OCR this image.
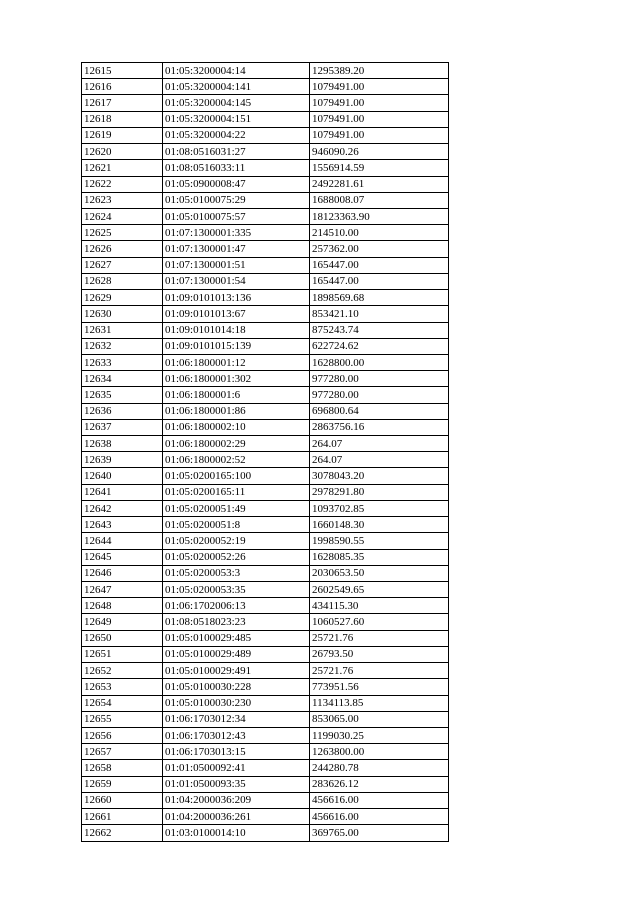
12615	01:05:3200004:14	1295389.20
12616	01:05:3200004:141	1079491.00
12617	01:05:3200004:145	1079491.00
12618	01:05:3200004:151	1079491.00
12619	01:05:3200004:22	1079491.00
12620	01:08:0516031:27	946090.26
12621	01:08:0516033:11	1556914.59
12622	01:05:0900008:47	2492281.61
12623	01:05:0100075:29	1688008.07
12624	01:05:0100075:57	18123363.90
12625	01:07:1300001:335	214510.00
12626	01:07:1300001:47	257362.00
12627	01:07:1300001:51	165447.00
12628	01:07:1300001:54	165447.00
12629	01:09:0101013:136	1898569.68
12630	01:09:0101013:67	853421.10
12631	01:09:0101014:18	875243.74
12632	01:09:0101015:139	622724.62
12633	01:06:1800001:12	1628800.00
12634	01:06:1800001:302	977280.00
12635	01:06:1800001:6	977280.00
12636	01:06:1800001:86	696800.64
12637	01:06:1800002:10	2863756.16
12638	01:06:1800002:29	264.07
12639	01:06:1800002:52	264.07
12640	01:05:0200165:100	3078043.20
12641	01:05:0200165:11	2978291.80
12642	01:05:0200051:49	1093702.85
12643	01:05:0200051:8	1660148.30
12644	01:05:0200052:19	1998590.55
12645	01:05:0200052:26	1628085.35
12646	01:05:0200053:3	2030653.50
12647	01:05:0200053:35	2602549.65
12648	01:06:1702006:13	434115.30
12649	01:08:0518023:23	1060527.60
12650	01:05:0100029:485	25721.76
12651	01:05:0100029:489	26793.50
12652	01:05:0100029:491	25721.76
12653	01:05:0100030:228	773951.56
12654	01:05:0100030:230	1134113.85
12655	01:06:1703012:34	853065.00
12656	01:06:1703012:43	1199030.25
12657	01:06:1703013:15	1263800.00
12658	01:01:0500092:41	244280.78
12659	01:01:0500093:35	283626.12
12660	01:04:2000036:209	456616.00
12661	01:04:2000036:261	456616.00
12662	01:03:0100014:10	369765.00
